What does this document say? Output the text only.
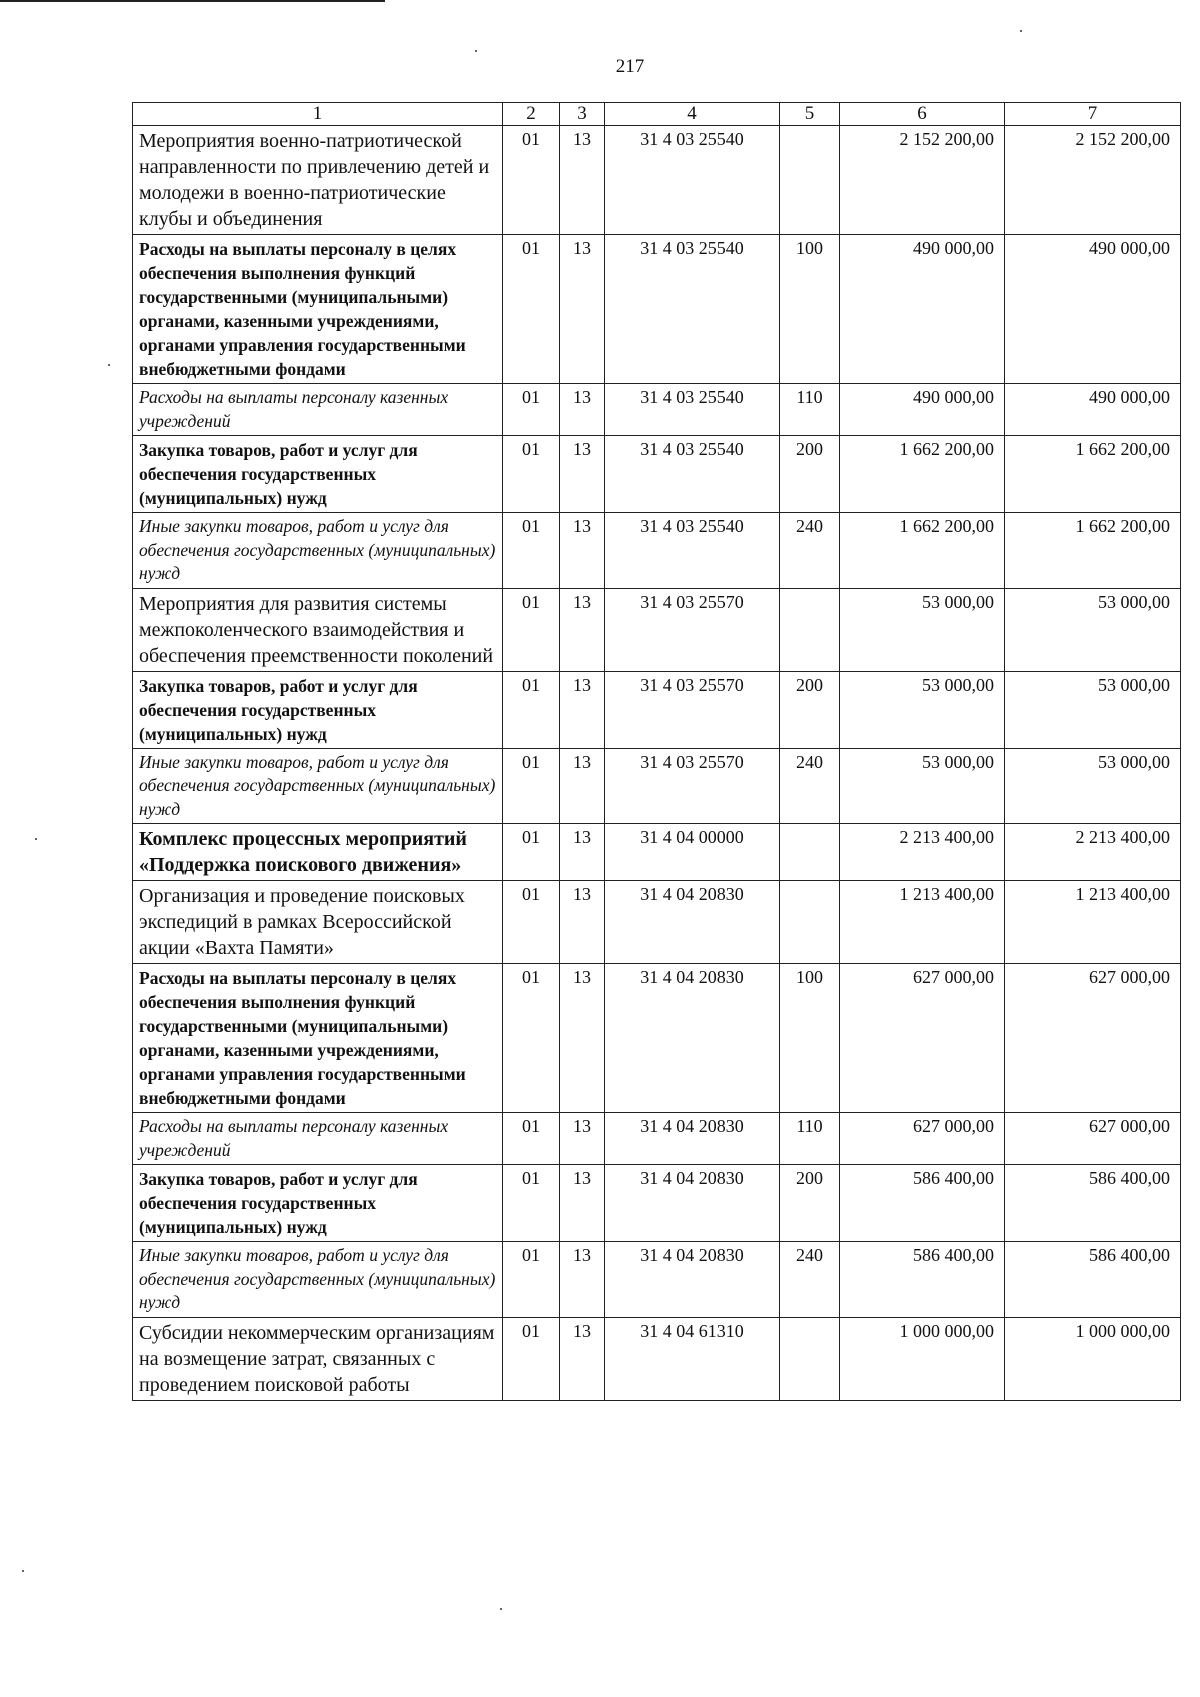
217
1	2	3	4	5	6	7
Мероприятия военно-патриотической направленности по привлечению детей и молодежи в военно-патриотические клубы и объединения	01	13	31 4 03 25540		2 152 200,00	2 152 200,00
Расходы на выплаты персоналу в целях обеспечения выполнения функций государственными (муниципальными) органами, казенными учреждениями, органами управления государственными внебюджетными фондами	01	13	31 4 03 25540	100	490 000,00	490 000,00
Расходы на выплаты персоналу казенных учреждений	01	13	31 4 03 25540	110	490 000,00	490 000,00
Закупка товаров, работ и услуг для обеспечения государственных (муниципальных) нужд	01	13	31 4 03 25540	200	1 662 200,00	1 662 200,00
Иные закупки товаров, работ и услуг для обеспечения государственных (муниципальных) нужд	01	13	31 4 03 25540	240	1 662 200,00	1 662 200,00
Мероприятия для развития системы межпоколенческого взаимодействия и обеспечения преемственности поколений	01	13	31 4 03 25570		53 000,00	53 000,00
Закупка товаров, работ и услуг для обеспечения государственных (муниципальных) нужд	01	13	31 4 03 25570	200	53 000,00	53 000,00
Иные закупки товаров, работ и услуг для обеспечения государственных (муниципальных) нужд	01	13	31 4 03 25570	240	53 000,00	53 000,00
Комплекс процессных мероприятий «Поддержка поискового движения»	01	13	31 4 04 00000		2 213 400,00	2 213 400,00
Организация и проведение поисковых экспедиций в рамках Всероссийской акции «Вахта Памяти»	01	13	31 4 04 20830		1 213 400,00	1 213 400,00
Расходы на выплаты персоналу в целях обеспечения выполнения функций государственными (муниципальными) органами, казенными учреждениями, органами управления государственными внебюджетными фондами	01	13	31 4 04 20830	100	627 000,00	627 000,00
Расходы на выплаты персоналу казенных учреждений	01	13	31 4 04 20830	110	627 000,00	627 000,00
Закупка товаров, работ и услуг для обеспечения государственных (муниципальных) нужд	01	13	31 4 04 20830	200	586 400,00	586 400,00
Иные закупки товаров, работ и услуг для обеспечения государственных (муниципальных) нужд	01	13	31 4 04 20830	240	586 400,00	586 400,00
Субсидии некоммерческим организациям на возмещение затрат, связанных с проведением поисковой работы	01	13	31 4 04 61310		1 000 000,00	1 000 000,00
